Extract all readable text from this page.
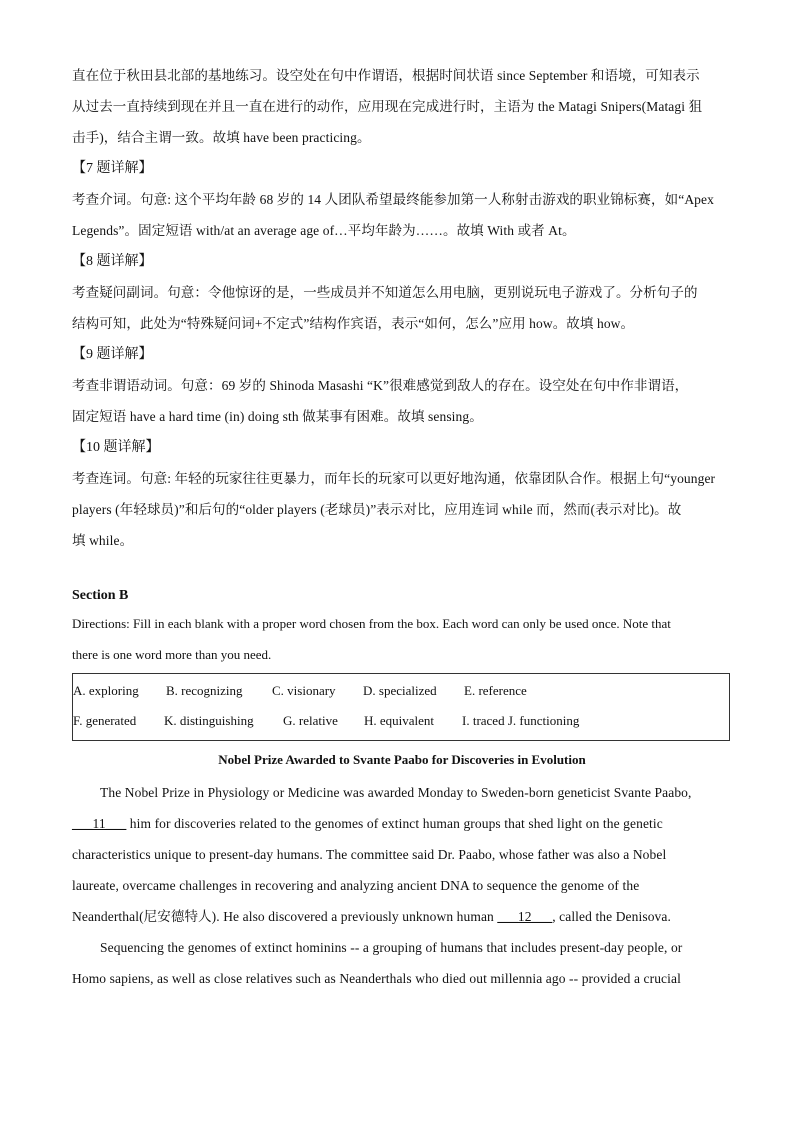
直在位于秋田县北部的基地练习。设空处在句中作谓语，根据时间状语 since September 和语境，可知表示
从过去一直持续到现在并且一直在进行的动作，应用现在完成进行时，主语为 the Matagi Snipers(Matagi 狙
击手)，结合主谓一致。故填 have been practicing。
【7 题详解】
考查介词。句意: 这个平均年龄 68 岁的 14 人团队希望最终能参加第一人称射击游戏的职业锦标赛，如“Apex
Legends”。固定短语 with/at an average age of…平均年龄为……。故填 With 或者 At。
【8 题详解】
考查疑问副词。句意：令他惊讶的是，一些成员并不知道怎么用电脑，更别说玩电子游戏了。分析句子的
结构可知，此处为“特殊疑问词+不定式”结构作宾语，表示“如何，怎么”应用 how。故填 how。
【9 题详解】
考查非谓语动词。句意：69 岁的 Shinoda Masashi “K”很难感觉到敌人的存在。设空处在句中作非谓语，
固定短语 have a hard time (in) doing sth 做某事有困难。故填 sensing。
【10 题详解】
考查连词。句意: 年轻的玩家往往更暴力，而年长的玩家可以更好地沟通，依靠团队合作。根据上句“younger
players (年轻球员)”和后句的“older players (老球员)”表示对比，应用连词 while 而，然而(表示对比)。故
填 while。
Section B
Directions: Fill in each blank with a proper word chosen from the box. Each word can only be used once. Note that
there is one word more than you need.
A. exploring	B. recognizing	C. visionary	D. specialized	E. reference
F. generated	K. distinguishing	G. relative	H. equivalent	I. traced J. functioning
Nobel Prize Awarded to Svante Paabo for Discoveries in Evolution
The Nobel Prize in Physiology or Medicine was awarded Monday to Sweden-born geneticist Svante Paabo,
___11___ him for discoveries related to the genomes of extinct human groups that shed light on the genetic
characteristics unique to present-day humans. The committee said Dr. Paabo, whose father was also a Nobel
laureate, overcame challenges in recovering and analyzing ancient DNA to sequence the genome of the
Neanderthal(尼安德特人). He also discovered a previously unknown human ___12___, called the Denisova.
Sequencing the genomes of extinct hominins -- a grouping of humans that includes present-day people, or
Homo sapiens, as well as close relatives such as Neanderthals who died out millennia ago -- provided a crucial
